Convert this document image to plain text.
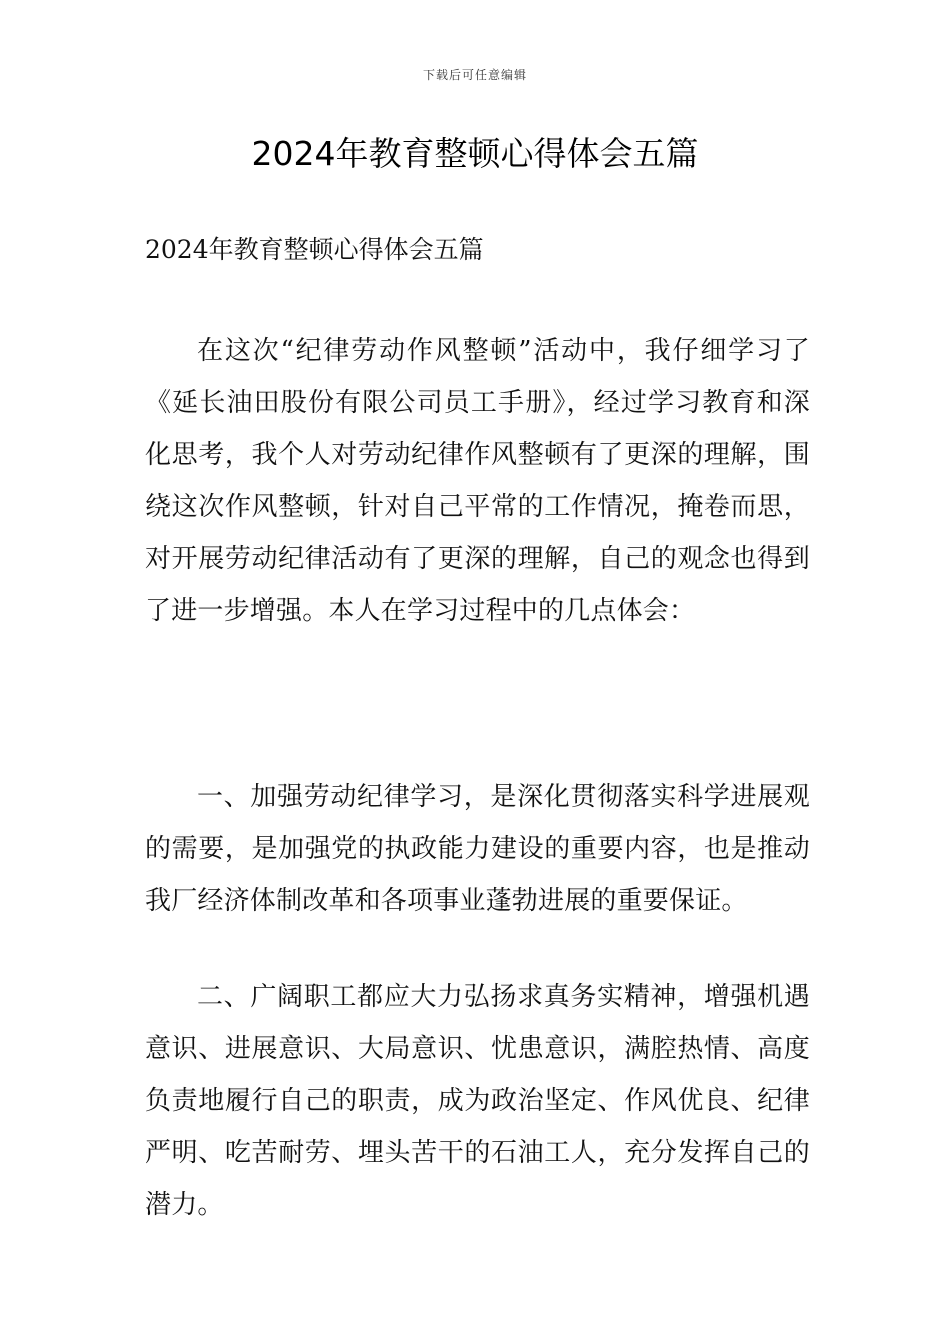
下载后可任意编辑
2024年教育整顿心得体会五篇

2024年教育整顿心得体会五篇

在这次“纪律劳动作风整顿”活动中，我仔细学习了《延长油田股份有限公司员工手册》，经过学习教育和深化思考，我个人对劳动纪律作风整顿有了更深的理解，围绕这次作风整顿，针对自己平常的工作情况，掩卷而思，对开展劳动纪律活动有了更深的理解，自己的观念也得到了进一步增强。本人在学习过程中的几点体会：

一、加强劳动纪律学习，是深化贯彻落实科学进展观的需要，是加强党的执政能力建设的重要内容，也是推动我厂经济体制改革和各项事业蓬勃进展的重要保证。

二、广阔职工都应大力弘扬求真务实精神，增强机遇意识、进展意识、大局意识、忧患意识，满腔热情、高度负责地履行自己的职责，成为政治坚定、作风优良、纪律严明、吃苦耐劳、埋头苦干的石油工人，充分发挥自己的潜力。
